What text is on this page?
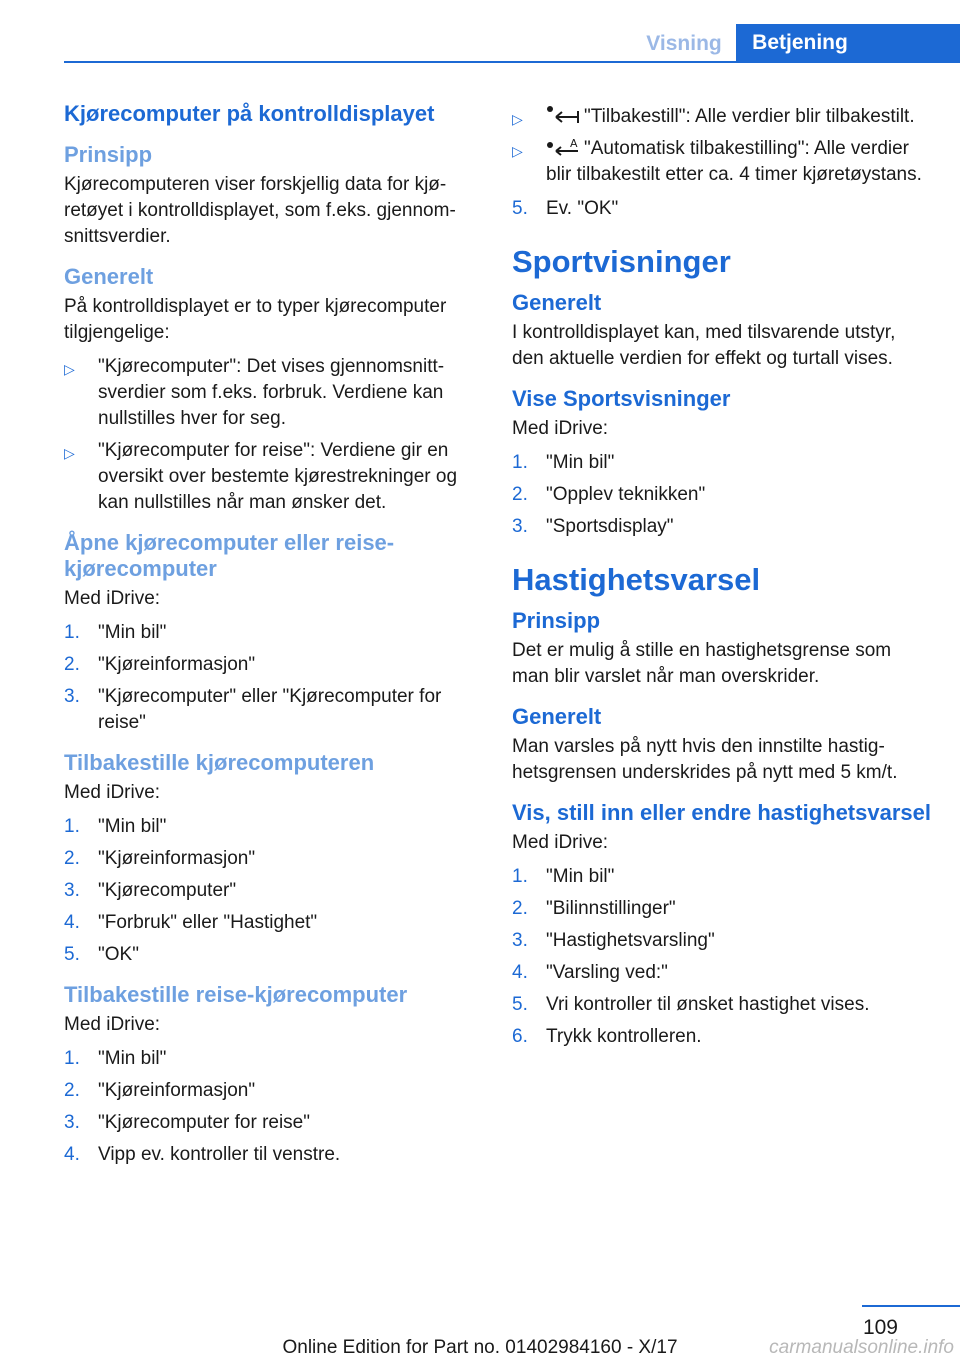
Visning	Betjening
Kjørecomputer på kontrolldisplayet
Prinsipp

Kjørecomputeren viser forskjellig data for kjøretøyet i kontrolldisplayet, som f.eks. gjennomsnittsverdier.

Generelt

På kontrolldisplayet er to typer kjørecomputer tilgjengelige:

▷ "Kjørecomputer": Det vises gjennomsnittsverdier som f.eks. forbruk. Verdiene kan nullstilles hver for seg.
▷ "Kjørecomputer for reise": Verdiene gir en oversikt over bestemte kjørestrekninger og kan nullstilles når man ønsker det.
Åpne kjørecomputer eller reise-kjørecomputer

Med iDrive:

1. "Min bil"
2. "Kjøreinformasjon"
3. "Kjørecomputer" eller "Kjørecomputer for reise"
Tilbakestille kjørecomputeren

Med iDrive:

1. "Min bil"
2. "Kjøreinformasjon"
3. "Kjørecomputer"
4. "Forbruk" eller "Hastighet"
5. "OK"
Tilbakestille reise-kjørecomputer

Med iDrive:

1. "Min bil"
2. "Kjøreinformasjon"
3. "Kjørecomputer for reise"
4. Vipp ev. kontroller til venstre.
▷	"Tilbakestill": Alle verdier blir tilbakestilt.
▷	A "Automatisk tilbakestilling": Alle verdier blir tilbakestilt etter ca. 4 timer kjøretøystans.
5. Ev. "OK"
Sportvisninger
Generelt

I kontrolldisplayet kan, med tilsvarende utstyr, den aktuelle verdien for effekt og turtall vises.

Vise Sportsvisninger

Med iDrive:

1. "Min bil"
2. "Opplev teknikken"
3. "Sportsdisplay"
Hastighetsvarsel
Prinsipp

Det er mulig å stille en hastighetsgrense som man blir varslet når man overskrider.

Generelt

Man varsles på nytt hvis den innstilte hastighetsgrensen underskrides på nytt med 5 km/t.

Vis, still inn eller endre hastighetsvarsel

Med iDrive:

1. "Min bil"
2. "Bilinnstillinger"
3. "Hastighetsvarsling"
4. "Varsling ved:"
5. Vri kontroller til ønsket hastighet vises.
6. Trykk kontrolleren.
109
Online Edition for Part no. 01402984160 - X/17	carmanualsonline.info
